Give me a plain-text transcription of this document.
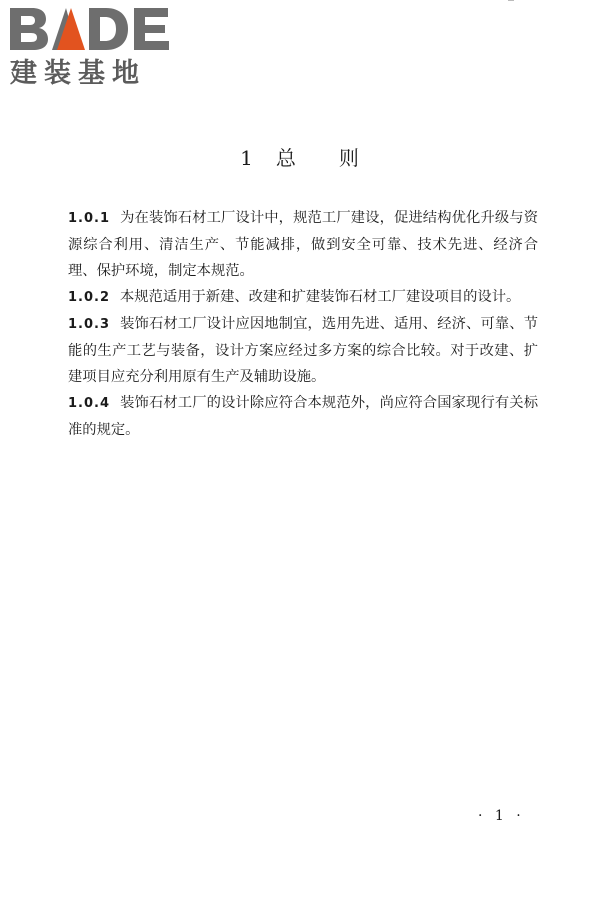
建装基地
1 总　　则

1.0.1 为在装饰石材工厂设计中，规范工厂建设，促进结构优化升级与资源综合利用、清洁生产、节能减排，做到安全可靠、技术先进、经济合理、保护环境，制定本规范。

1.0.2 本规范适用于新建、改建和扩建装饰石材工厂建设项目的设计。

1.0.3 装饰石材工厂设计应因地制宜，选用先进、适用、经济、可靠、节能的生产工艺与装备，设计方案应经过多方案的综合比较。对于改建、扩建项目应充分利用原有生产及辅助设施。

1.0.4 装饰石材工厂的设计除应符合本规范外，尚应符合国家现行有关标准的规定。

· 1 ·
